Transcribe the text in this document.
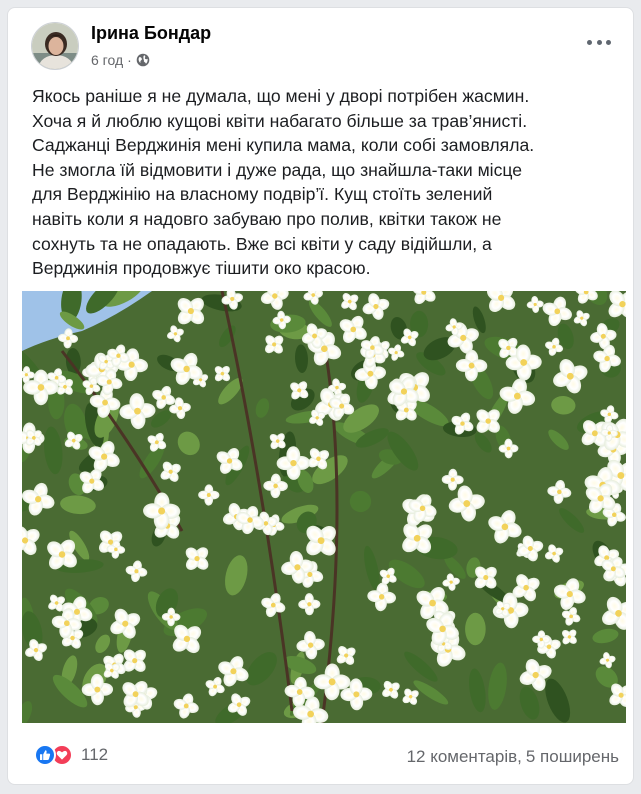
Ірина Бондар
6 год ·

Якось раніше я не думала, що мені у дворі потрібен жасмин.

Хоча я й люблю кущові квіти набагато більше за трав’янисті.

Саджанці Верджинія мені купила мама, коли собі замовляла.

Не змогла їй відмовити і дуже рада, що знайшла-таки місце

для Верджінію на власному подвір’ї. Кущ стоїть зелений

навіть коли я надовго забуваю про полив, квітки також не

сохнуть та не опадають. Вже всі квіти у саду відійшли, а

Верджинія продовжує тішити око красою.

112	12 коментарів, 5 поширень
